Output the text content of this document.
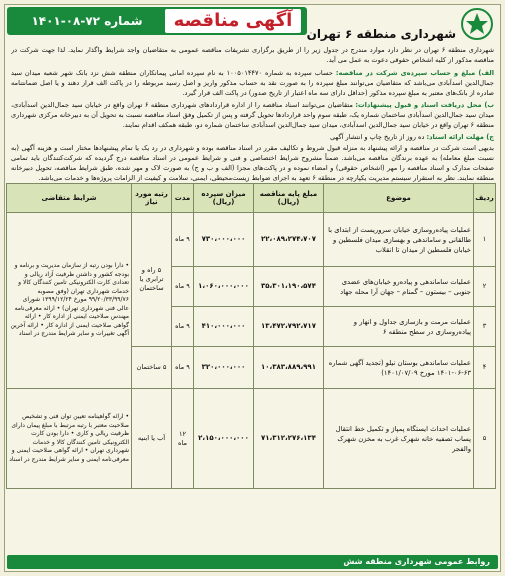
آگهی مناقصه
شماره ۷۲-۰۸-۱۴۰۱
شهرداری منطقه ۶ تهران
شهرداری منطقه ۶ تهران در نظر دارد موارد مندرج در جدول زیر را از طریق برگزاری تشریفات مناقصه عمومی به متقاضیان واجد شرایط واگذار نماید. لذا جهت شرکت در مناقصه مذکور از کلیه اشخاص حقوقی دعوت به عمل می آید.
الف) مبلغ و حساب سپرده‌ی شرکت در مناقصه: حساب سپرده به شماره ۱۰۰۵۰۱۴۴۷۰ به نام سپرده امانی پیمانکاران منطقه شش نزد بانک شهر شعبه میدان سید جمال‌الدین اسدآبادی می‌باشد که متقاضیان می‌توانند مبلغ سپرده را به صورت نقد به حساب مذکور واریز و اصل رسید مربوطه را در پاکت الف قرار دهند و یا اصل ضمانتنامه صادره از بانک‌های معتبر به مبلغ سپرده مذکور (حداقل دارای سه ماه اعتبار از تاریخ صدور) در پاکت الف قرار گیرد.
ب) محل دریافت اسناد و قبول پیشنهادات: متقاضیان می‌توانند اسناد مناقصه را از اداره قراردادهای شهرداری منطقه ۶ تهران واقع در خیابان سید جمال‌الدین اسدآبادی، میدان سید جمال‌الدین اسدآبادی ساختمان شماره یک، طبقه سوم واحد قراردادها تحویل گرفته و پس از تکمیل وفق اسناد مناقصه نسبت به تحویل آن به دبیرخانه مرکزی شهرداری منطقه ۶ تهران واقع در خیابان سید جمال‌الدین اسدآبادی، میدان سید جمال‌الدین اسدآبادی ساختمان شماره دو، طبقه همکف اقدام نمایند.
ج) مهلت ارائه اسناد: ده روز از تاریخ چاپ و انتشار آگهی
بدیهی است شرکت در مناقصه و ارائه پیشنهاد به منزله قبول شروط و تکالیف مقرر در اسناد مناقصه بوده و شهرداری در رد یک یا تمام پیشنهادها مختار است و هزینه آگهی (به نسبت مبلغ معامله) به عهده برندگان مناقصه می‌باشد. ضمناً مشروح شرایط اختصاصی و فنی و شرایط عمومی در اسناد مناقصه درج گردیده که شرکت‌کنندگان باید تمامی صفحات مدارک و اسناد مناقصه را مهر (اشخاص حقوقی) و امضاء نموده و در پاکت‌های مجزا (الف و ب و ج) به صورت لاک و مهر شده، طبق شرایط مناقصه، تحویل دبیرخانه منطقه نمایند. نظر به استقرار سیستم مدیریت یکپارچه در منطقه ۶ تعهد به اجرای ضوابط زیست‌محیطی، ایمنی، سلامت و کیفیت از الزامات پروژه‌ها و خدمات می‌باشد.
ردیف	موضوع	مبلغ پایه مناقصه (ریال)	میزان سپرده (ریال)	مدت	رتبه مورد نیاز	شرایط متقاضی
۱	عملیات پیاده‌روسازی خیابان سروریست از ابتدای با طالقانی و ساماندهی و بهسازی میدان فلسطین و خیابان فلسطین از میدان تا انقلاب	۲۲،۰۸۹،۲۷۴،۷۰۷	۷۳۰،۰۰۰،۰۰۰	۹ ماه	۵ راه و ترابری یا ساختمان	• دارا بودن رتبه از سازمان مدیریت و برنامه و بودجه کشور و داشتن ظرفیت آزاد ریالی و تعدادی کارت الکترونیکی تامین کنندگان کالا و خدمات شهرداری تهران (وفق مصوبه ۹۹/۲۰/۳۳/۹۹/۷۶ مورخ ۱۳۹۹/۱۲/۲۴ شورای عالی فنی شهرداری تهران) • ارائه معرفی‌نامه مهندس صلاحیت ایمنی از اداره کار • ارائه گواهی صلاحیت ایمنی از اداره کار • ارائه آخرین آگهی تغییرات و سایر شرایط مندرج در اسناد
۲	عملیات ساماندهی و پیاده‌رو خیابان‌های عضدی جنوبی – بیستون – گمنام – جهان آرا محله جهاد	۳۵،۳۰۱،۱۹۰،۵۷۴	۱،۰۶۰،۰۰۰،۰۰۰	۹ ماه		
۳	عملیات مرمت و بازسازی جداول و انهار و پیاده‌روسازی در سطح منطقه ۶	۱۳،۴۷۲،۷۹۲،۷۱۷	۴۱۰،۰۰۰،۰۰۰	۹ ماه		
۴	عملیات ساماندهی بوستان نیلو (تجدید آگهی شماره ۶۳-۰۶-۱۴۰۱ مورخ ۱۴۰۱/۰۷/۰۹)	۱۰،۳۸۳،۸۸۹،۹۹۱	۳۲۰،۰۰۰،۰۰۰	۹ ماه	۵ ساختمان	
۵	عملیات احداث ایستگاه پمپاژ و تکمیل خط انتقال پساب تصفیه خانه شهرک غرب به مخزن شهرک والفجر	۷۱،۳۱۲،۲۷۶،۱۳۴	۲،۱۵۰،۰۰۰،۰۰۰	۱۲ ماه	آب یا ابنیه	• ارائه گواهینامه تعیین توان فنی و تشخیص صلاحیت معتبر با رتبه مرتبط با مبلغ پیمان دارای ظرفیت ریالی و کاری • دارا بودن کارت الکترونیکی تامین کنندگان کالا و خدمات شهرداری تهران • ارائه گواهی صلاحیت ایمنی و معرفی‌نامه ایمنی و سایر شرایط مندرج در اسناد
روابط عمومی شهرداری منطقه شش
